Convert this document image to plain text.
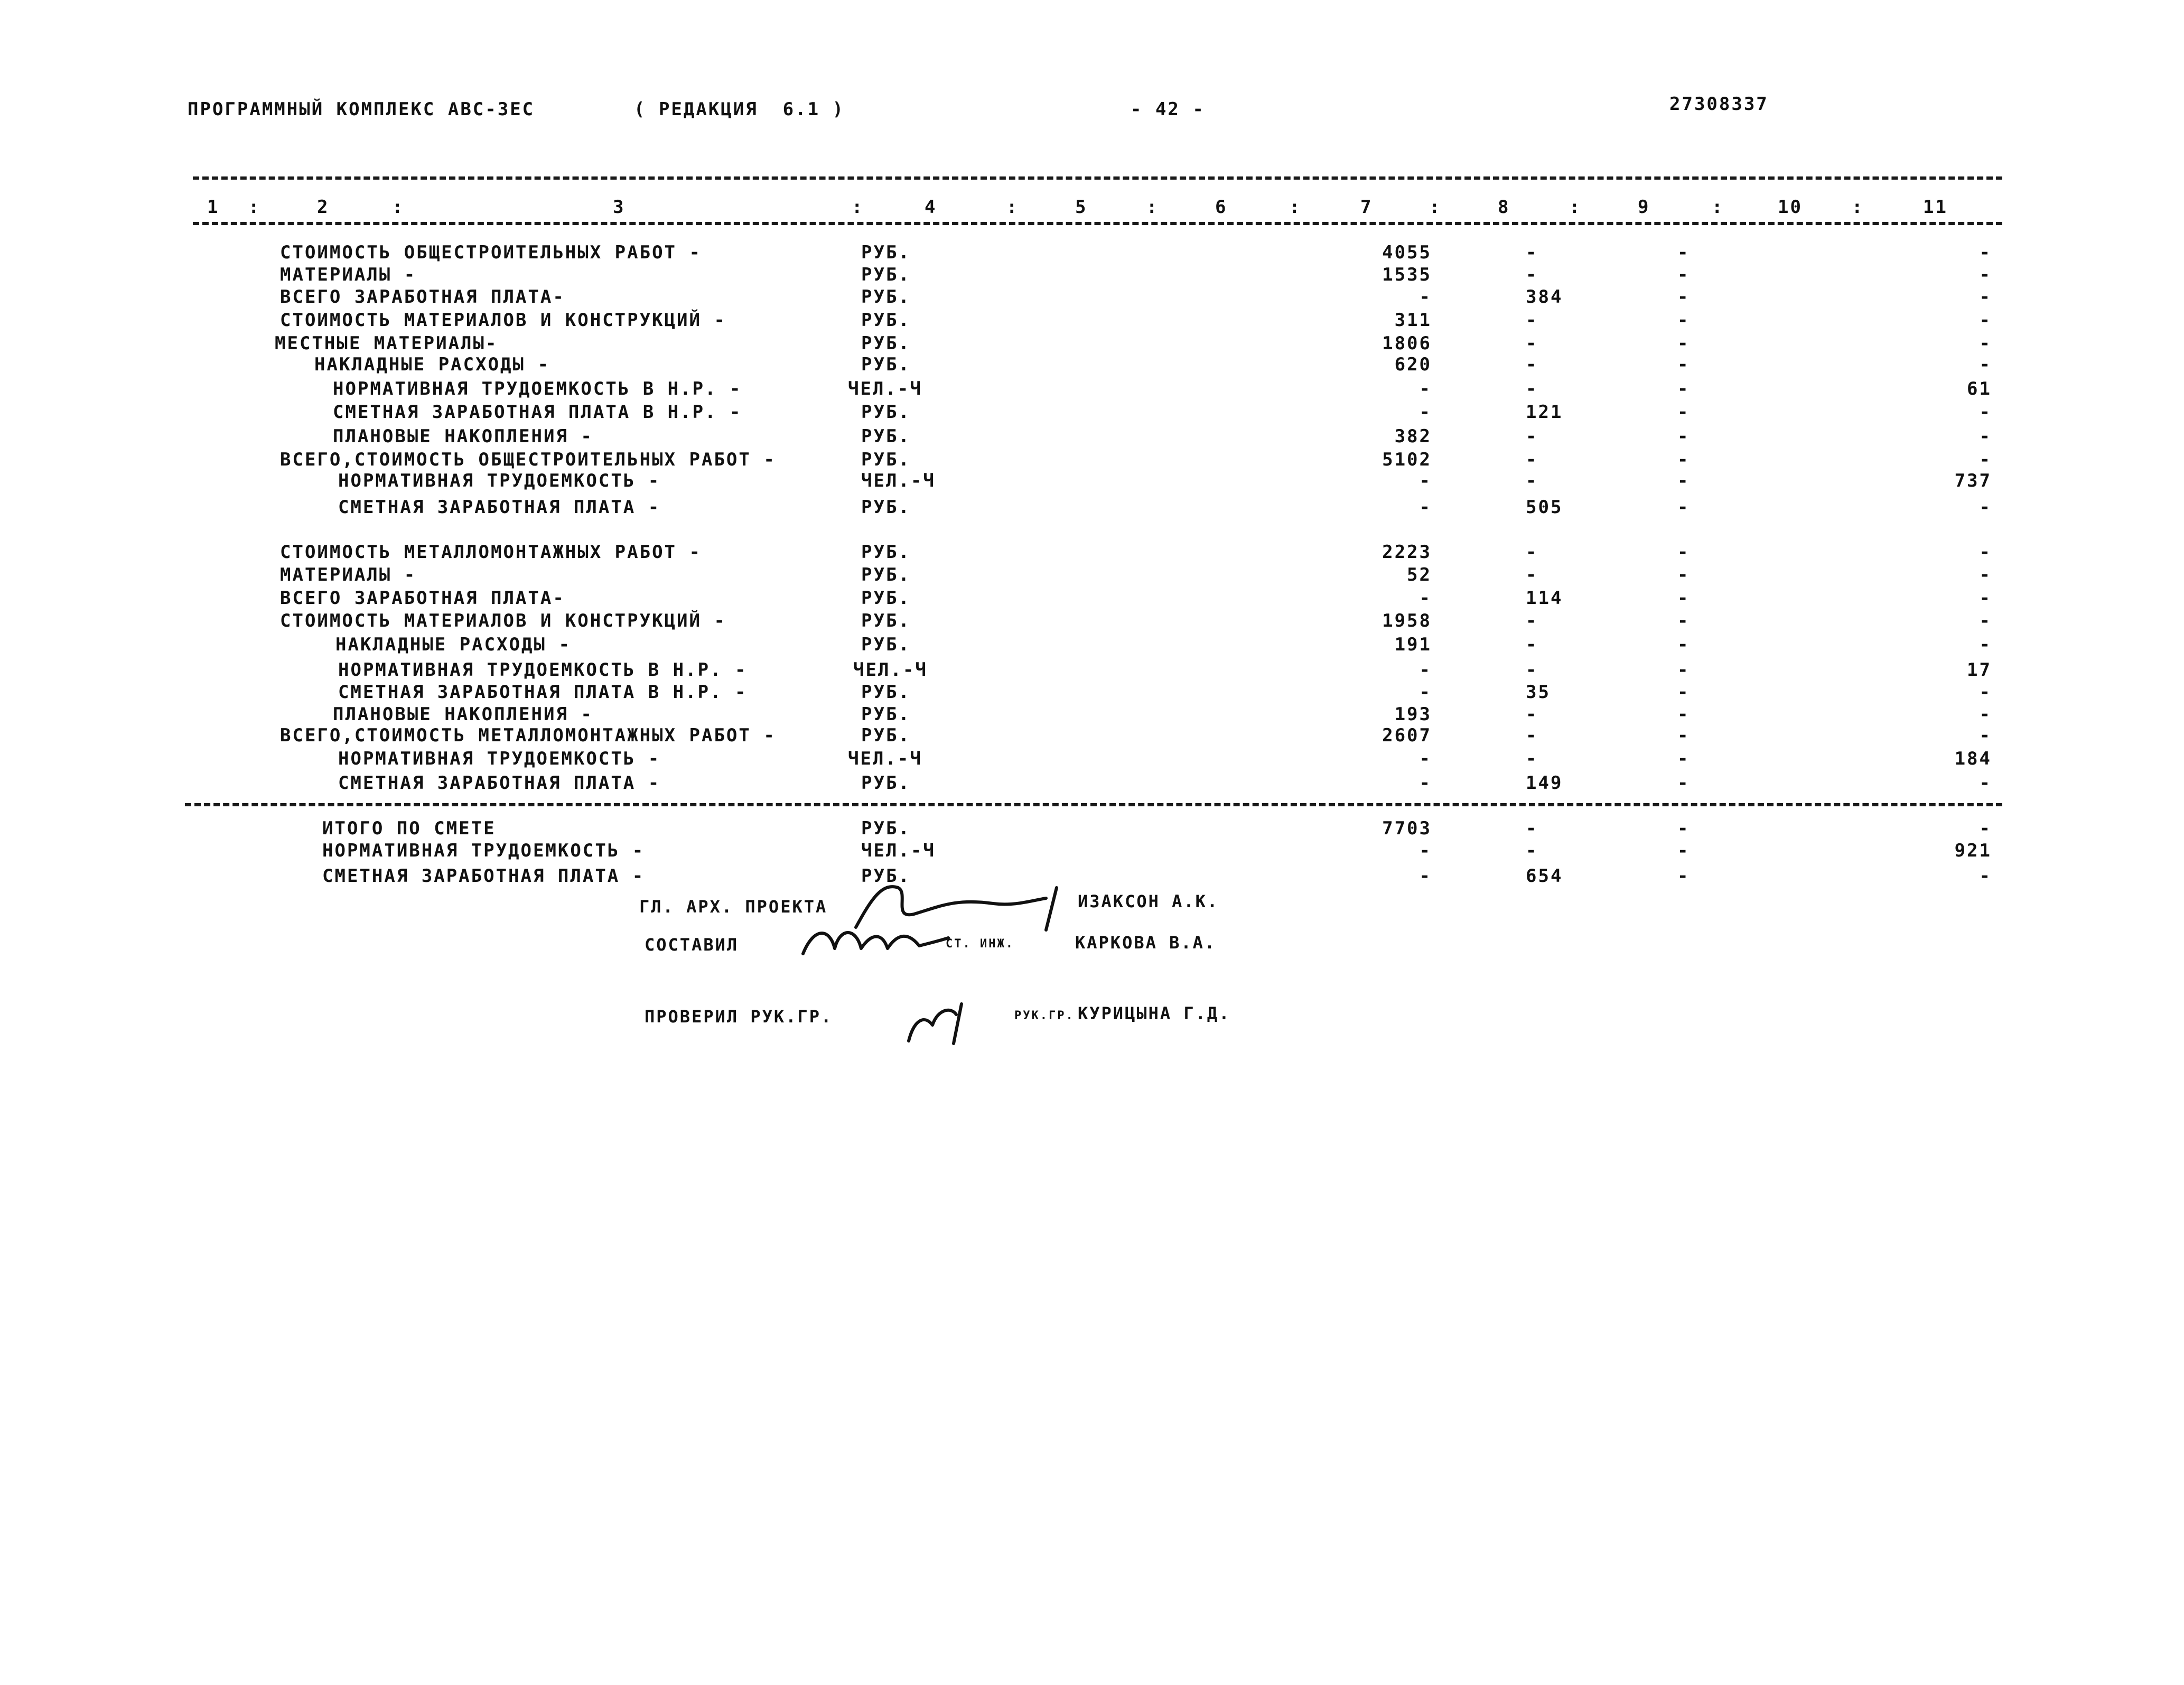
ПРОГРАММНЫЙ КОМПЛЕКС АВС-3ЕС	( РЕДАКЦИЯ  6.1 )	- 42 -	27308337
1 :	2	:	3	:	4	:	5	:	6	:	7	:	8	:	9	:	10	:	11
СТОИМОСТЬ ОБЩЕСТРОИТЕЛЬНЫХ РАБОТ -	РУБ.	4055	-	-	-
МАТЕРИАЛЫ -	РУБ.	1535	-	-	-
ВСЕГО ЗАРАБОТНАЯ ПЛАТА-	РУБ.	-	384	-	-
СТОИМОСТЬ МАТЕРИАЛОВ И КОНСТРУКЦИЙ -	РУБ.	311	-	-	-
МЕСТНЫЕ МАТЕРИАЛЫ-	РУБ.	1806	-	-	-
НАКЛАДНЫЕ РАСХОДЫ -	РУБ.	620	-	-	-
НОРМАТИВНАЯ ТРУДОЕМКОСТЬ В Н.Р. -	ЧЕЛ.-Ч	-	-	-	61
СМЕТНАЯ ЗАРАБОТНАЯ ПЛАТА В Н.Р. -	РУБ.	-	121	-	-
ПЛАНОВЫЕ НАКОПЛЕНИЯ -	РУБ.	382	-	-	-
ВСЕГО,СТОИМОСТЬ ОБЩЕСТРОИТЕЛЬНЫХ РАБОТ -	РУБ.	5102	-	-	-
НОРМАТИВНАЯ ТРУДОЕМКОСТЬ -	ЧЕЛ.-Ч	-	-	-	737
СМЕТНАЯ ЗАРАБОТНАЯ ПЛАТА -	РУБ.	-	505	-	-
СТОИМОСТЬ МЕТАЛЛОМОНТАЖНЫХ РАБОТ -	РУБ.	2223	-	-	-
МАТЕРИАЛЫ -	РУБ.	52	-	-	-
ВСЕГО ЗАРАБОТНАЯ ПЛАТА-	РУБ.	-	114	-	-
СТОИМОСТЬ МАТЕРИАЛОВ И КОНСТРУКЦИЙ -	РУБ.	1958	-	-	-
НАКЛАДНЫЕ РАСХОДЫ -	РУБ.	191	-	-	-
НОРМАТИВНАЯ ТРУДОЕМКОСТЬ В Н.Р. -	ЧЕЛ.-Ч	-	-	-	17
СМЕТНАЯ ЗАРАБОТНАЯ ПЛАТА В Н.Р. -	РУБ.	-	35	-	-
ПЛАНОВЫЕ НАКОПЛЕНИЯ -	РУБ.	193	-	-	-
ВСЕГО,СТОИМОСТЬ МЕТАЛЛОМОНТАЖНЫХ РАБОТ -	РУБ.	2607	-	-	-
НОРМАТИВНАЯ ТРУДОЕМКОСТЬ -	ЧЕЛ.-Ч	-	-	-	184
СМЕТНАЯ ЗАРАБОТНАЯ ПЛАТА -	РУБ.	-	149	-	-
ИТОГО ПО СМЕТЕ	РУБ.	7703	-	-	-
НОРМАТИВНАЯ ТРУДОЕМКОСТЬ -	ЧЕЛ.-Ч	-	-	-	921
СМЕТНАЯ ЗАРАБОТНАЯ ПЛАТА -	РУБ.	-	654	-	-
ГЛ. АРХ. ПРОЕКТА	ИЗАКСОН А.К.
СОСТАВИЛ	СТ. ИНЖ.	КАРКОВА В.А.
ПРОВЕРИЛ РУК.ГР.	РУК.ГР. КУРИЦЫНА Г.Д.
